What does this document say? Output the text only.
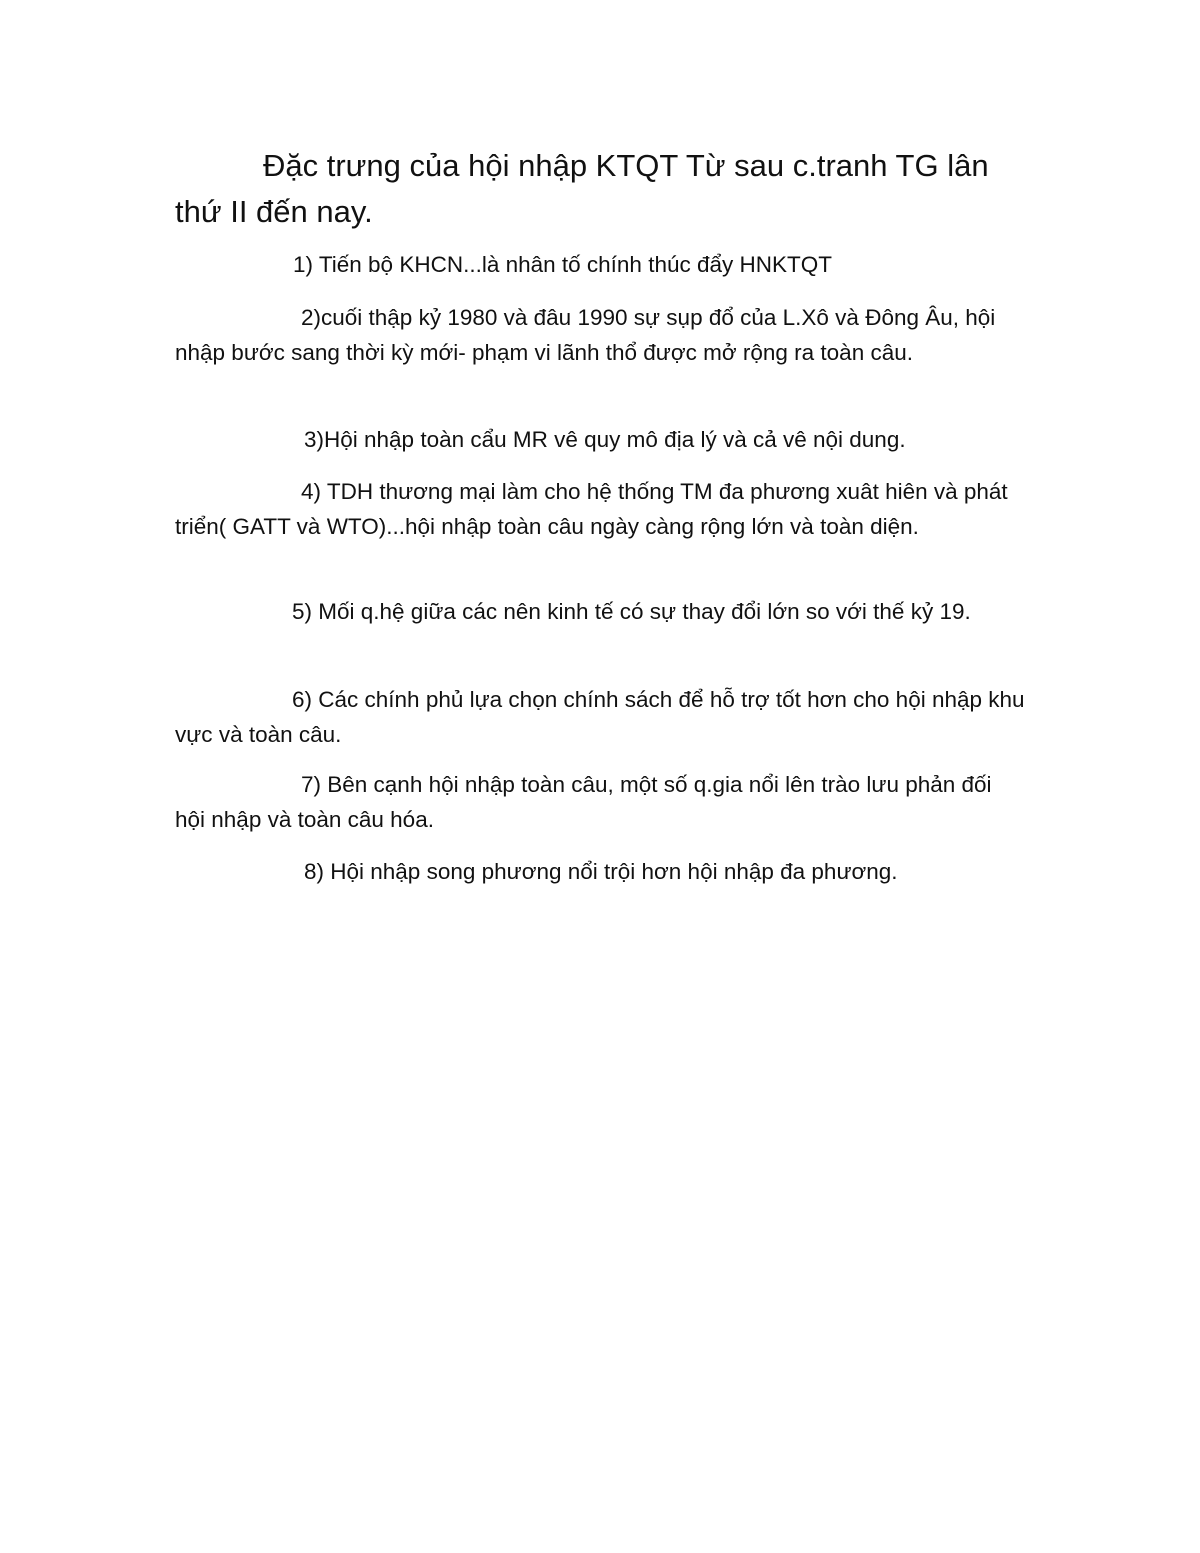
Đặc trưng của hội nhập KTQT Từ sau c.tranh TG lân thứ II đến nay.

1) Tiến bộ KHCN...là nhân tố chính thúc đẩy HNKTQT

2)cuối thập kỷ 1980 và đâu 1990 sự sụp đổ của L.Xô và Đông Âu, hội nhập bước sang thời kỳ mới- phạm vi lãnh thổ được mở rộng ra toàn câu.

3)Hội nhập toàn cẩu MR vê quy mô địa lý và cả vê nội dung.

4) TDH thương mại làm cho hệ thống TM đa phương xuât hiên và phát triển( GATT và WTO)...hội nhập toàn câu ngày càng rộng lớn và toàn diện.

5) Mối q.hệ giữa các nên kinh tế có sự thay đổi lớn so với thế kỷ 19.

6) Các chính phủ lựa chọn chính sách để hỗ trợ tốt hơn cho hội nhập khu vực và toàn câu.

7) Bên cạnh hội nhập toàn câu, một số q.gia nổi lên trào lưu phản đối hội nhập và toàn câu hóa.

8) Hội nhập song phương nổi trội hơn hội nhập đa phương.
